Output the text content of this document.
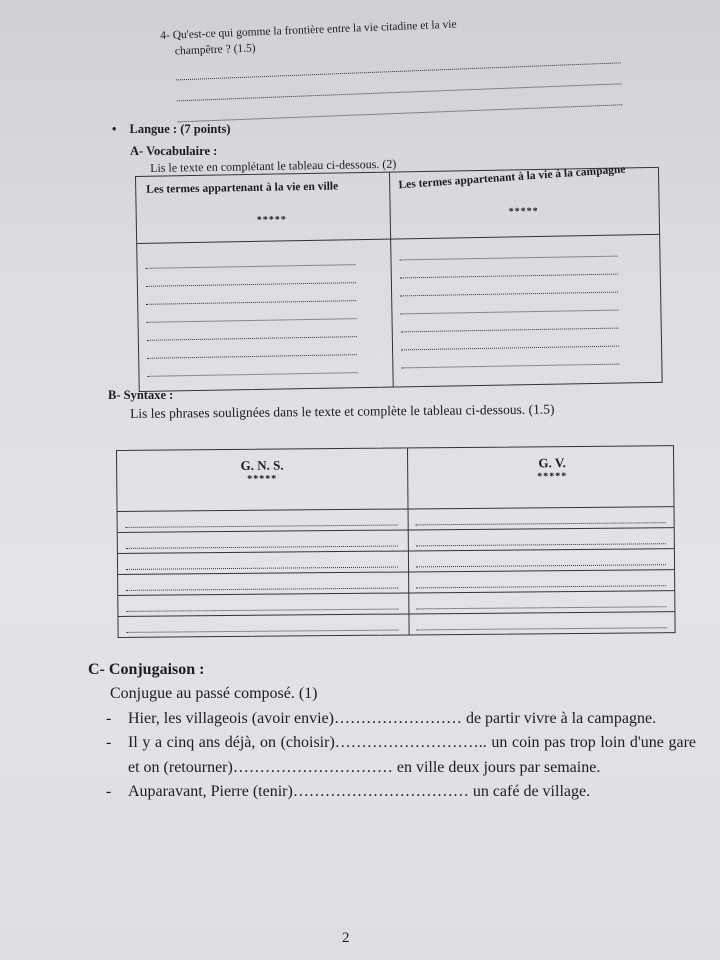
4- Qu'est-ce qui gomme la frontière entre la vie citadine et la vie
champêtre ? (1.5)
• Langue : (7 points)
A- Vocabulaire :
Lis le texte en complétant le tableau ci-dessous. (2)
Les termes appartenant à la vie en ville	Les termes appartenant à la vie à la campagne
*****
*****
B- Syntaxe :
Lis les phrases soulignées dans le texte et complète le tableau ci-dessous. (1.5)
G. N. S.
*****
G. V.
*****
C- Conjugaison :
Conjugue au passé composé. (1)
- Hier, les villageois (avoir envie)…………………… de partir vivre à la campagne.
- Il y a cinq ans déjà, on (choisir)……………………….. un coin pas trop loin d'une gare et on (retourner)………………………… en ville deux jours par semaine.
- Auparavant, Pierre (tenir)…………………………… un café de village.
2
